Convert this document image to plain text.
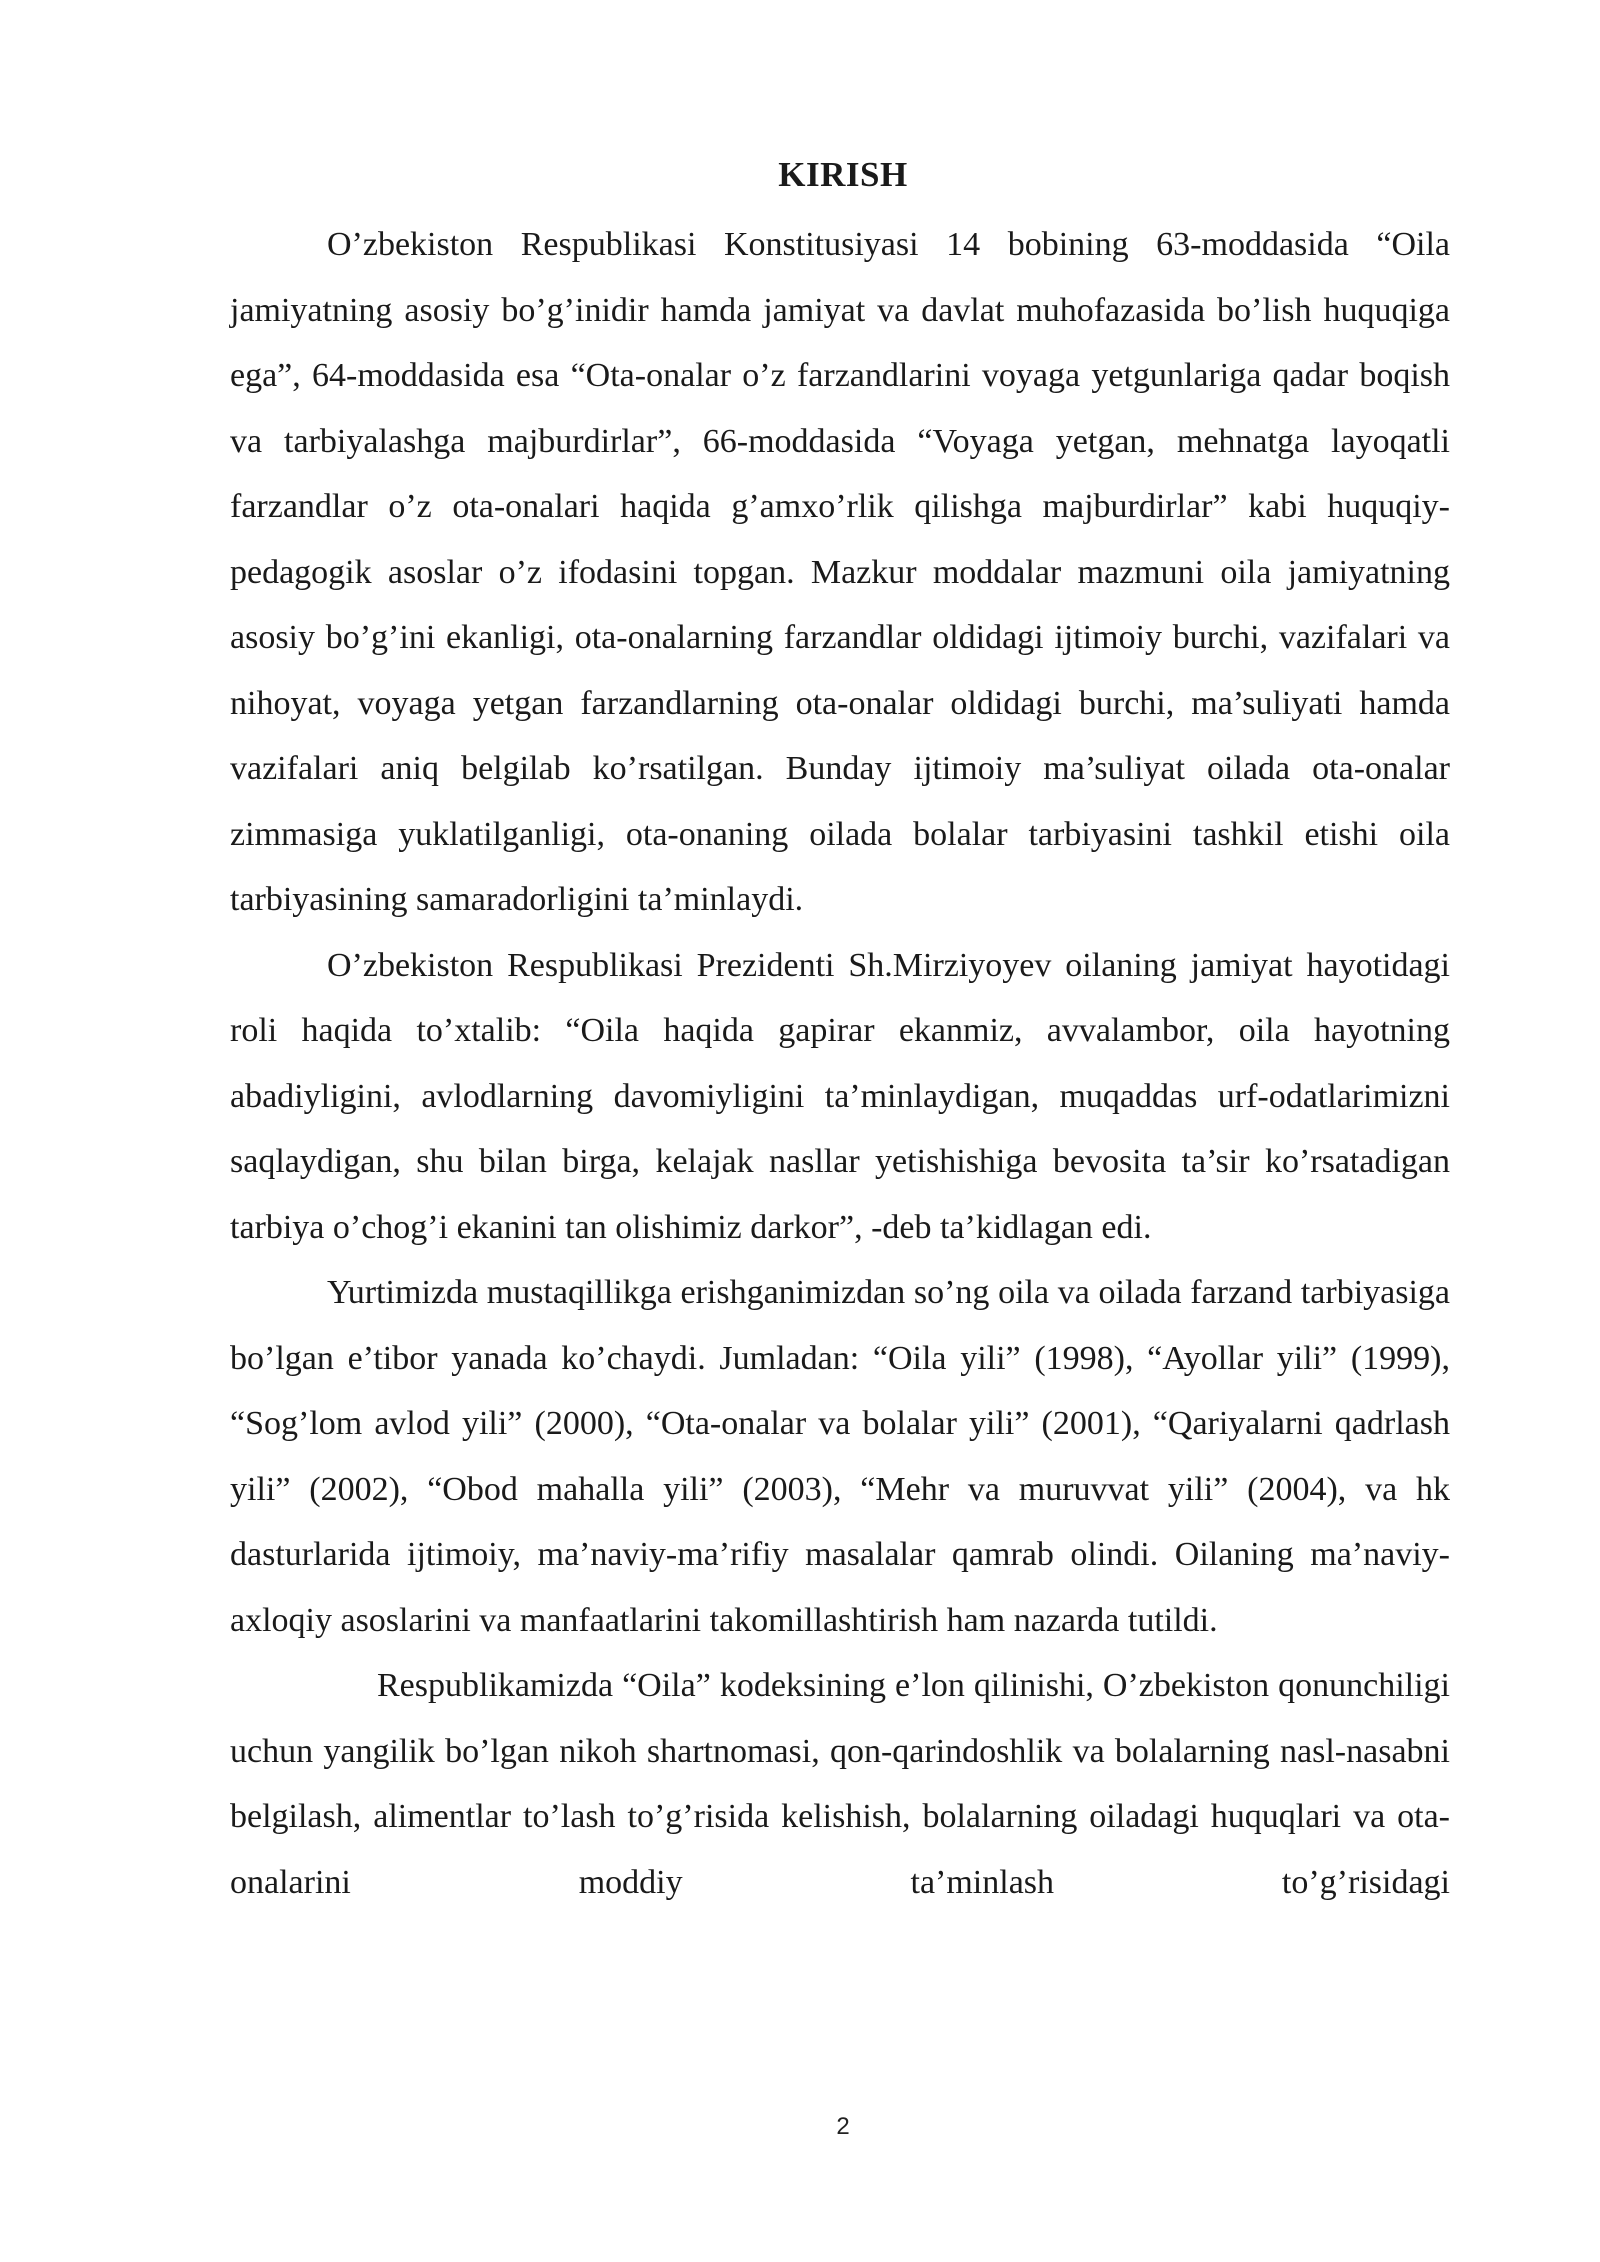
KIRISH

O’zbekiston Respublikasi Konstitusiyasi 14 bobining 63-moddasida “Oila jamiyatning asosiy bo’g’inidir hamda jamiyat va davlat muhofazasida bo’lish huquqiga ega”, 64-moddasida esa “Ota-onalar o’z farzandlarini voyaga yetgunlariga qadar boqish va tarbiyalashga majburdirlar”, 66-moddasida “Voyaga yetgan, mehnatga layoqatli farzandlar o’z ota-onalari haqida g’amxo’rlik qilishga majburdirlar” kabi huquqiy-pedagogik asoslar o’z ifodasini topgan. Mazkur moddalar mazmuni oila jamiyatning asosiy bo’g’ini ekanligi, ota-onalarning farzandlar oldidagi ijtimoiy burchi, vazifalari va nihoyat, voyaga yetgan farzandlarning ota-onalar oldidagi burchi, ma’suliyati hamda vazifalari aniq belgilab ko’rsatilgan. Bunday ijtimoiy ma’suliyat oilada ota-onalar zimmasiga yuklatilganligi, ota-onaning oilada bolalar tarbiyasini tashkil etishi oila tarbiyasining samaradorligini ta’minlaydi.

O’zbekiston Respublikasi Prezidenti Sh.Mirziyoyev oilaning jamiyat hayotidagi roli haqida to’xtalib: “Oila haqida gapirar ekanmiz, avvalambor, oila hayotning abadiyligini, avlodlarning davomiyligini ta’minlaydigan, muqaddas urf-odatlarimizni saqlaydigan, shu bilan birga, kelajak nasllar yetishishiga bevosita ta’sir ko’rsatadigan tarbiya o’chog’i ekanini tan olishimiz darkor”, -deb ta’kidlagan edi.

Yurtimizda mustaqillikga erishganimizdan so’ng oila va oilada farzand tarbiyasiga bo’lgan e’tibor yanada ko’chaydi. Jumladan: “Oila yili” (1998), “Ayollar yili” (1999), “Sog’lom avlod yili” (2000), “Ota-onalar va bolalar yili” (2001), “Qariyalarni qadrlash yili” (2002), “Obod mahalla yili” (2003), “Mehr va muruvvat yili” (2004), va hk dasturlarida ijtimoiy, ma’naviy-ma’rifiy masalalar qamrab olindi. Oilaning ma’naviy-axloqiy asoslarini va manfaatlarini takomillashtirish ham nazarda tutildi.

Respublikamizda “Oila” kodeksining e’lon qilinishi, O’zbekiston qonunchiligi uchun yangilik bo’lgan nikoh shartnomasi, qon-qarindoshlik va bolalarning nasl-nasabni belgilash, alimentlar to’lash to’g’risida kelishish, bolalarning oiladagi huquqlari va ota-onalarini moddiy ta’minlash to’g’risidagi

2
